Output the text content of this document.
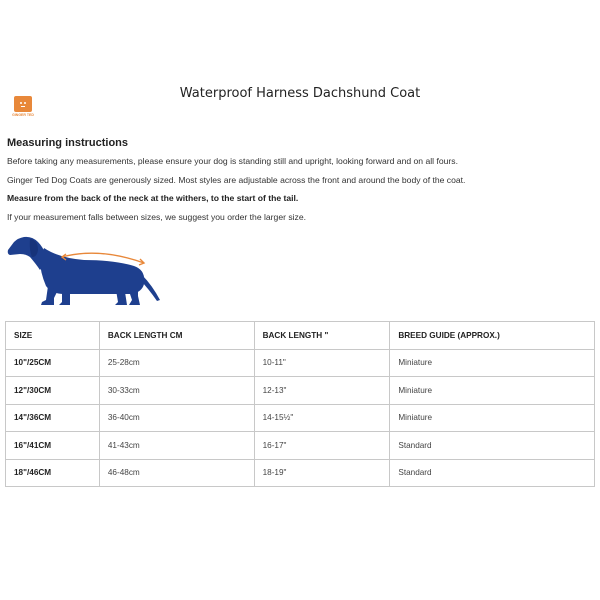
Waterproof Harness Dachshund Coat
GINGER TED
Measuring instructions
Before taking any measurements, please ensure your dog is standing still and upright, looking forward and on all fours.
Ginger Ted Dog Coats are generously sized. Most styles are adjustable across the front and around the body of the coat.
Measure from the back of the neck at the withers, to the start of the tail.
If your measurement falls between sizes, we suggest you order the larger size.
SIZE	BACK LENGTH CM	BACK LENGTH "	BREED GUIDE (APPROX.)
10"/25CM	25-28cm	10-11"	Miniature
12"/30CM	30-33cm	12-13"	Miniature
14"/36CM	36-40cm	14-15½"	Miniature
16"/41CM	41-43cm	16-17"	Standard
18"/46CM	46-48cm	18-19"	Standard
